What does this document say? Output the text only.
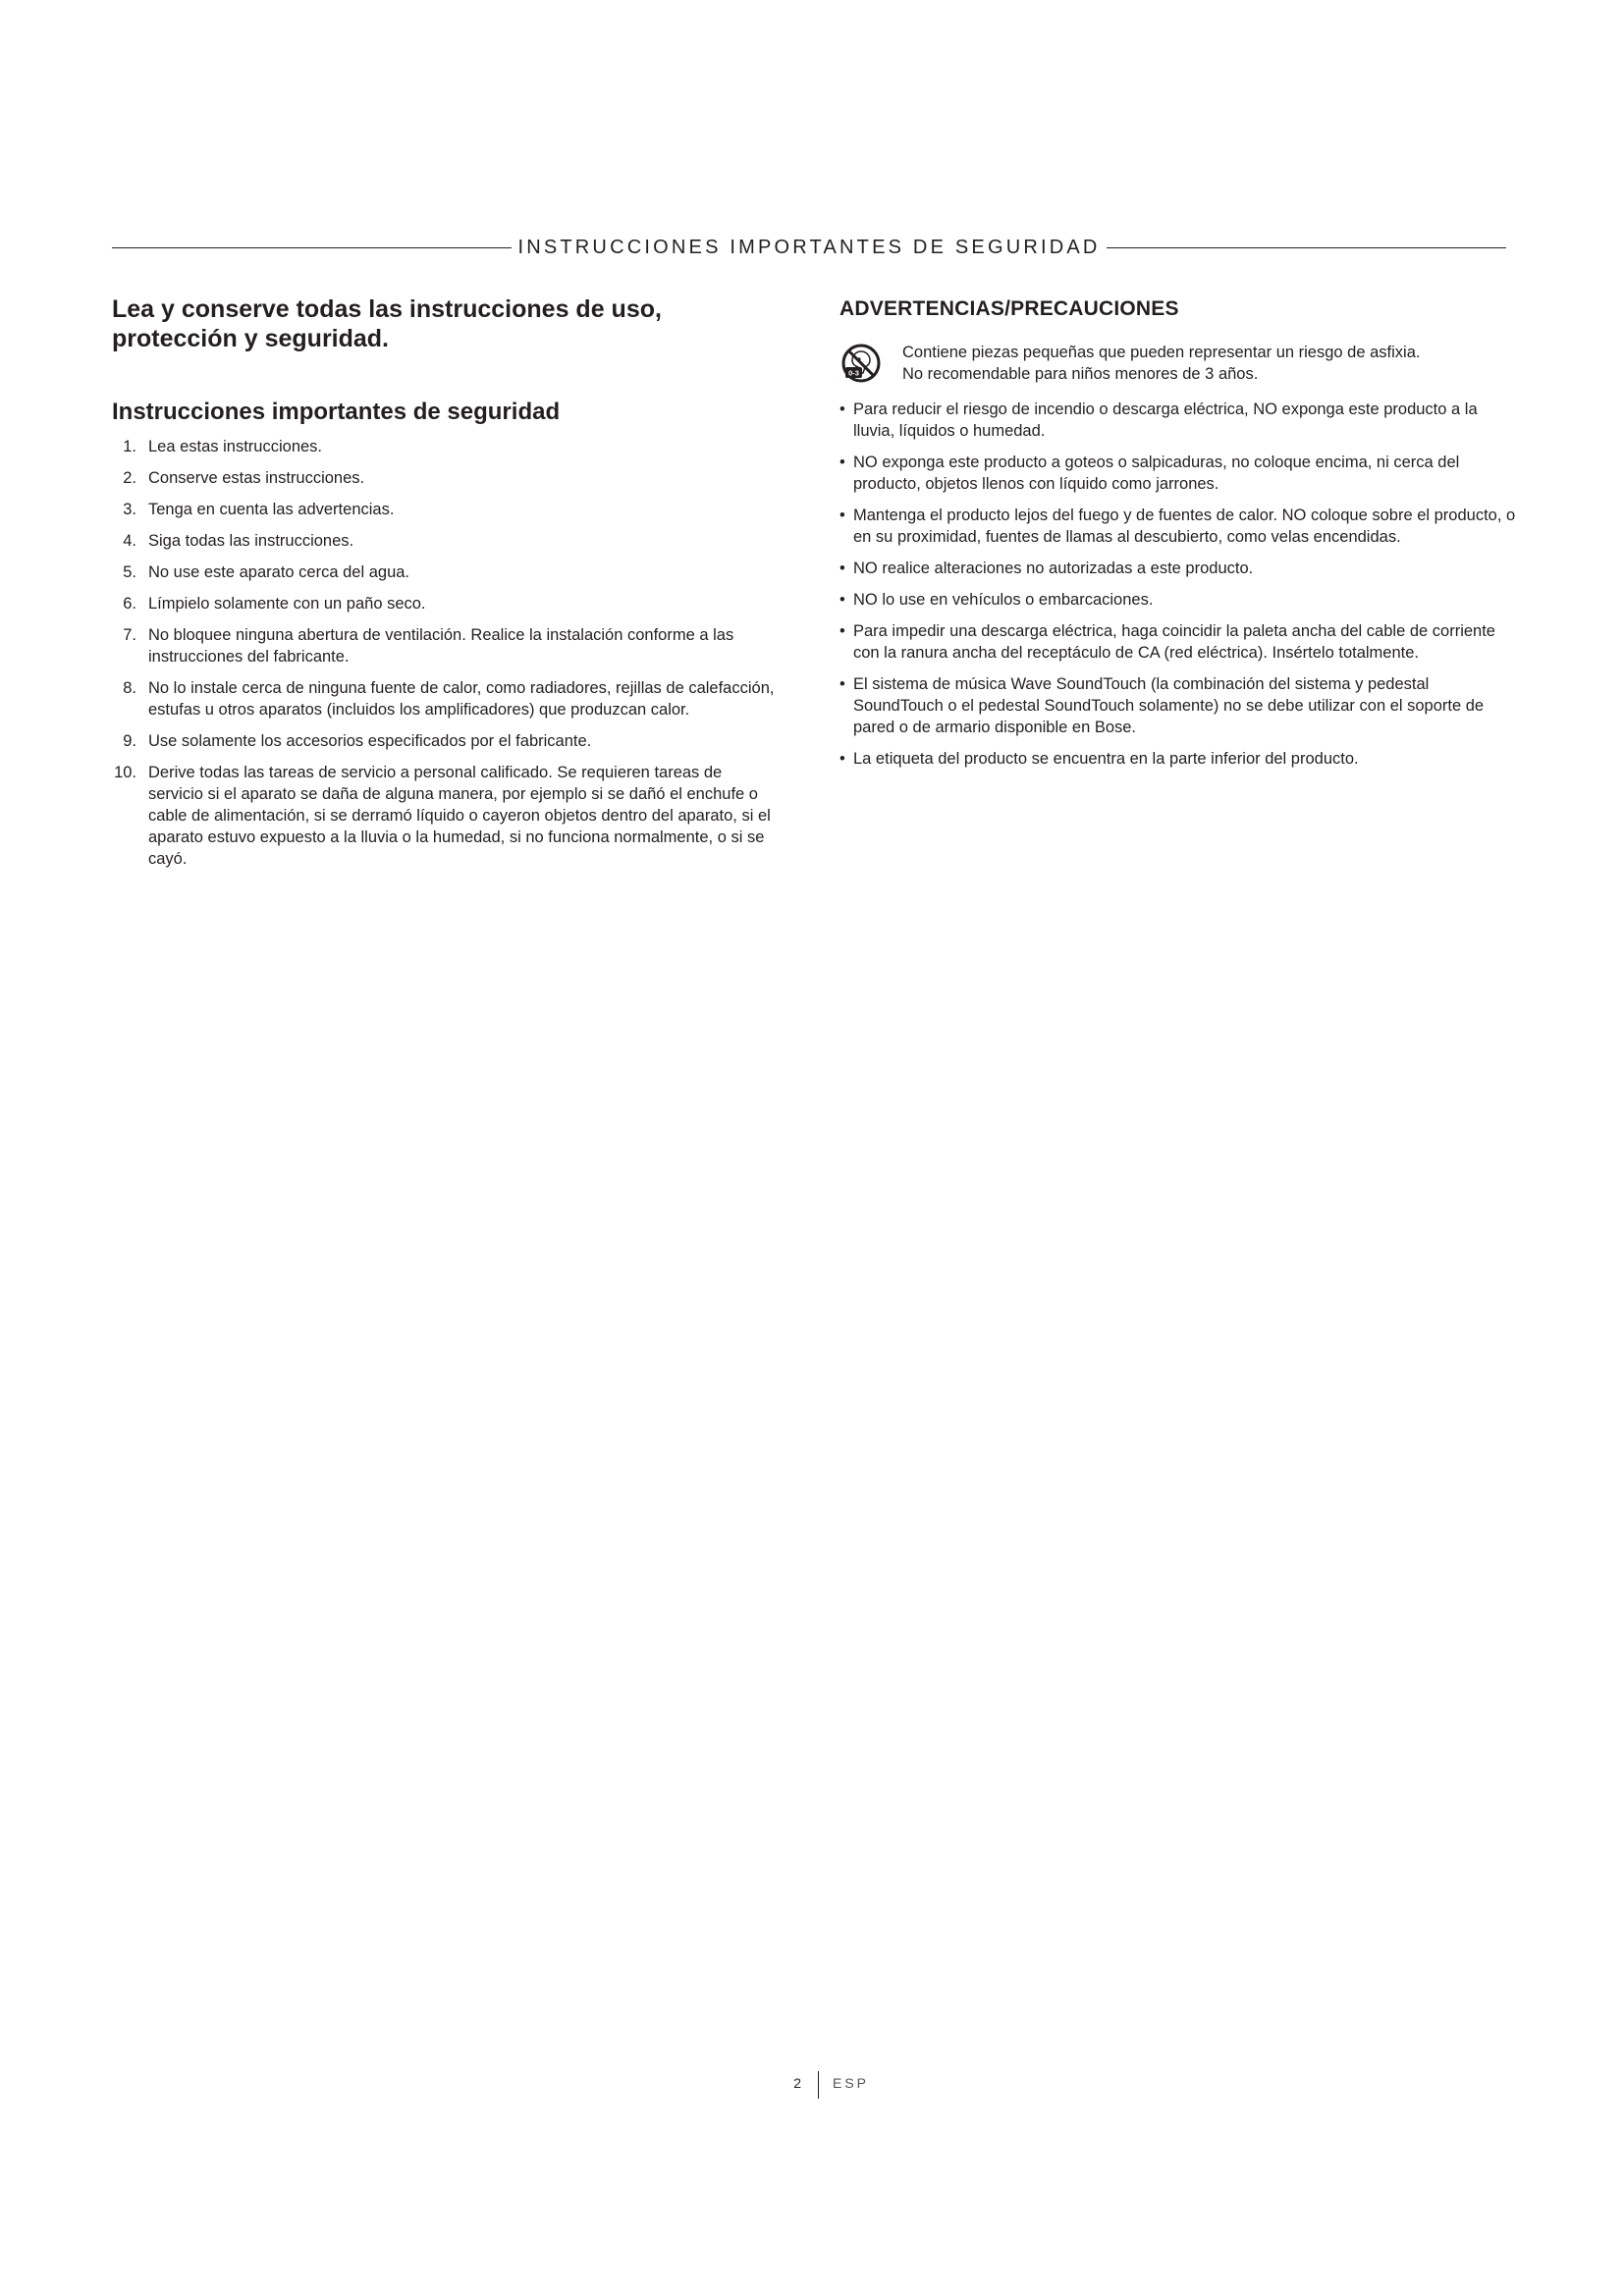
INSTRUCCIONES IMPORTANTES DE SEGURIDAD
Lea y conserve todas las instrucciones de uso, protección y seguridad.
Instrucciones importantes de seguridad
1. Lea estas instrucciones.
2. Conserve estas instrucciones.
3. Tenga en cuenta las advertencias.
4. Siga todas las instrucciones.
5. No use este aparato cerca del agua.
6. Límpielo solamente con un paño seco.
7. No bloquee ninguna abertura de ventilación. Realice la instalación conforme a las instrucciones del fabricante.
8. No lo instale cerca de ninguna fuente de calor, como radiadores, rejillas de calefacción, estufas u otros aparatos (incluidos los amplificadores) que produzcan calor.
9. Use solamente los accesorios especificados por el fabricante.
10. Derive todas las tareas de servicio a personal calificado. Se requieren tareas de servicio si el aparato se daña de alguna manera, por ejemplo si se dañó el enchufe o cable de alimentación, si se derramó líquido o cayeron objetos dentro del aparato, si el aparato estuvo expuesto a la lluvia o la humedad, si no funciona normalmente, o si se cayó.
ADVERTENCIAS/PRECAUCIONES
0-3
Contiene piezas pequeñas que pueden representar un riesgo de asfixia.
No recomendable para niños menores de 3 años.
• Para reducir el riesgo de incendio o descarga eléctrica, NO exponga este producto a la lluvia, líquidos o humedad.
• NO exponga este producto a goteos o salpicaduras, no coloque encima, ni cerca del producto, objetos llenos con líquido como jarrones.
• Mantenga el producto lejos del fuego y de fuentes de calor. NO coloque sobre el producto, o en su proximidad, fuentes de llamas al descubierto, como velas encendidas.
• NO realice alteraciones no autorizadas a este producto.
• NO lo use en vehículos o embarcaciones.
• Para impedir una descarga eléctrica, haga coincidir la paleta ancha del cable de corriente con la ranura ancha del receptáculo de CA (red eléctrica). Insértelo totalmente.
• El sistema de música Wave SoundTouch (la combinación del sistema y pedestal SoundTouch o el pedestal SoundTouch solamente) no se debe utilizar con el soporte de pared o de armario disponible en Bose.
• La etiqueta del producto se encuentra en la parte inferior del producto.
2 ESP
